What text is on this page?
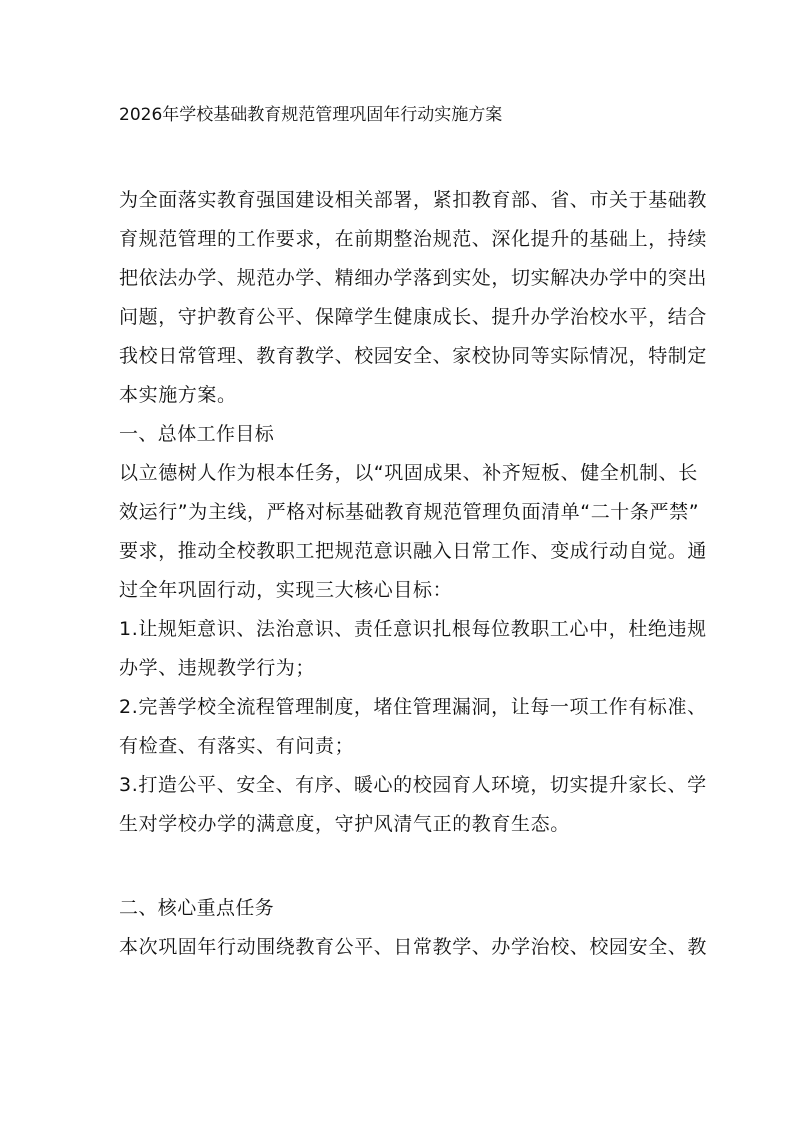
2026年学校基础教育规范管理巩固年行动实施方案
为全面落实教育强国建设相关部署，紧扣教育部、省、市关于基础教
育规范管理的工作要求，在前期整治规范、深化提升的基础上，持续
把依法办学、规范办学、精细办学落到实处，切实解决办学中的突出
问题，守护教育公平、保障学生健康成长、提升办学治校水平，结合
我校日常管理、教育教学、校园安全、家校协同等实际情况，特制定
本实施方案。
一、总体工作目标
以立德树人作为根本任务，以“巩固成果、补齐短板、健全机制、长
效运行”为主线，严格对标基础教育规范管理负面清单“二十条严禁”
要求，推动全校教职工把规范意识融入日常工作、变成行动自觉。通
过全年巩固行动，实现三大核心目标：
1.让规矩意识、法治意识、责任意识扎根每位教职工心中，杜绝违规
办学、违规教学行为；
2.完善学校全流程管理制度，堵住管理漏洞，让每一项工作有标准、
有检查、有落实、有问责；
3.打造公平、安全、有序、暖心的校园育人环境，切实提升家长、学
生对学校办学的满意度，守护风清气正的教育生态。
二、核心重点任务
本次巩固年行动围绕教育公平、日常教学、办学治校、校园安全、教
